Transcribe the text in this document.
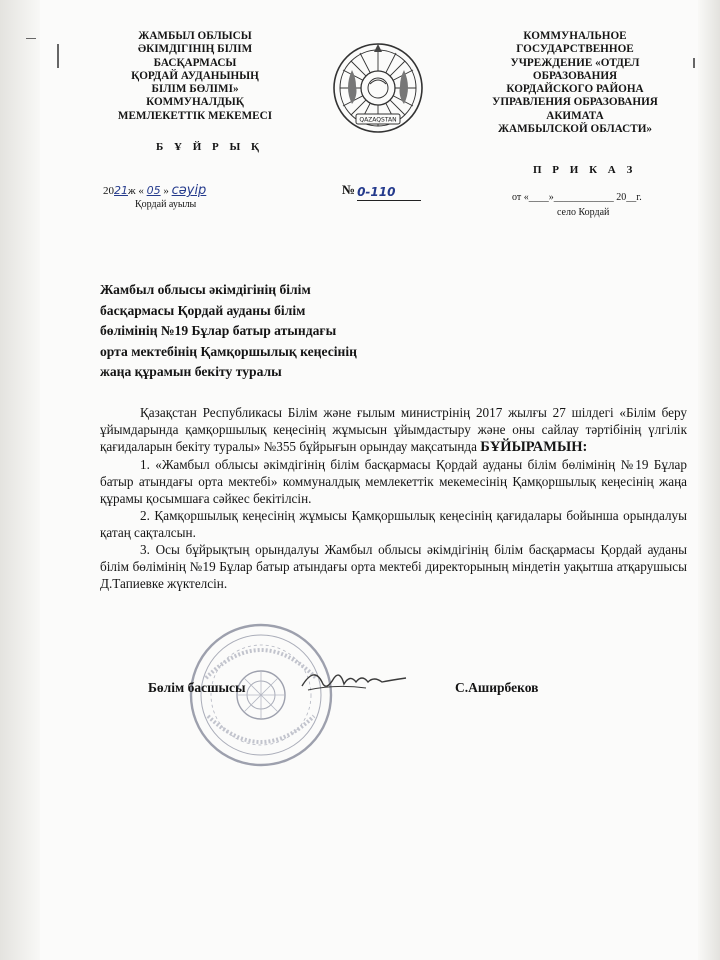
ЖАМБЫЛ ОБЛЫСЫ
ӘКІМДІГІНІҢ БІЛІМ
БАСҚАРМАСЫ
ҚОРДАЙ АУДАНЫНЫҢ
БІЛІМ БӨЛІМІ»
КОММУНАЛДЫҚ
МЕМЛЕКЕТТІК МЕКЕМЕСІ	QAZAQSTAN
КОММУНАЛЬНОЕ
ГОСУДАРСТВЕННОЕ
УЧРЕЖДЕНИЕ «ОТДЕЛ
ОБРАЗОВАНИЯ
КОРДАЙСКОГО РАЙОНА
УПРАВЛЕНИЯ ОБРАЗОВАНИЯ
АКИМАТА
ЖАМБЫЛСКОЙ ОБЛАСТИ»
Б Ұ Й Р Ы Қ
П Р И К А З
2021ж « 05 » сәуір
Қордай ауылы
№ 0-110	от «____»____________ 20__г.
село Кордай
Жамбыл облысы әкімдігінің білім
басқармасы Қордай ауданы білім
бөлімінің №19 Бұлар батыр атындағы
орта мектебінің Қамқоршылық кеңесінің
жаңа құрамын бекіту туралы

Қазақстан Республикасы Білім және ғылым министрінің 2017 жылғы 27 шілдегі «Білім беру ұйымдарында қамқоршылық кеңесінің жұмысын ұйымдастыру және оны сайлау тәртібінің үлгілік қағидаларын бекіту туралы» №355 бұйрығын орындау мақсатында БҰЙЫРАМЫН:

1. «Жамбыл облысы әкімдігінің білім басқармасы Қордай ауданы білім бөлімінің №19 Бұлар батыр атындағы орта мектебі» коммуналдық мемлекеттік мекемесінің Қамқоршылық кеңесінің жаңа құрамы қосымшаға сәйкес бекітілсін.

2. Қамқоршылық кеңесінің жұмысы Қамқоршылық кеңесінің қағидалары бойынша орындалуы қатаң сақталсын.

3. Осы бұйрықтың орындалуы Жамбыл облысы әкімдігінің білім басқармасы Қордай ауданы білім бөлімінің №19 Бұлар батыр атындағы орта мектебі директорының міндетін уақытша атқарушысы Д.Тапиевке жүктелсін.

Бөлім басшысы	С.Аширбеков
